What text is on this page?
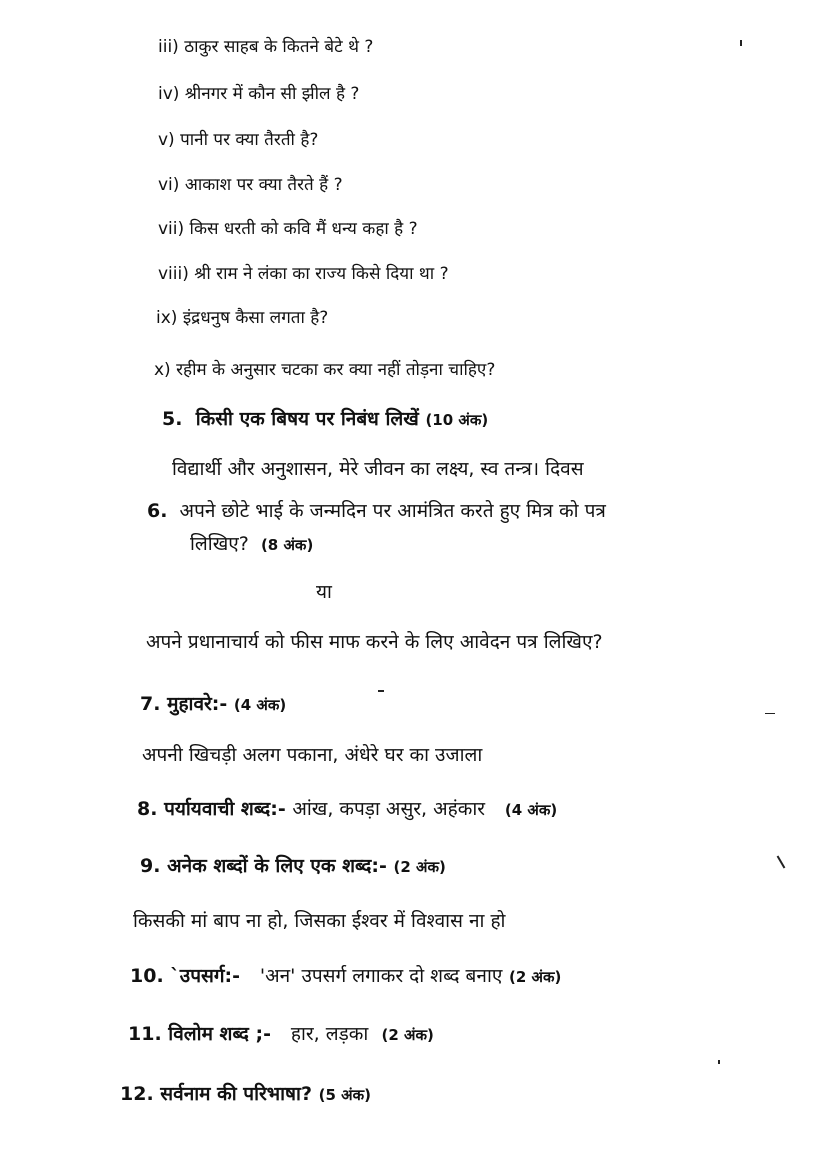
iii) ठाकुर साहब के कितने बेटे थे ?
iv) श्रीनगर में कौन सी झील है ?
v) पानी पर क्या तैरती है?
vi) आकाश पर क्या तैरते हैं ?
vii) किस धरती को कवि मैं धन्य कहा है ?
viii) श्री राम ने लंका का राज्य किसे दिया था ?
ix) इंद्रधनुष कैसा लगता है?
x) रहीम के अनुसार चटका कर क्या नहीं तोड़ना चाहिए?
5. किसी एक बिषय पर निबंध लिखें (10 अंक)
विद्यार्थी और अनुशासन, मेरे जीवन का लक्ष्य, स्व तन्त्र। दिवस
6. अपने छोटे भाई के जन्मदिन पर आमंत्रित करते हुए मित्र को पत्र
लिखिए? (8 अंक)
या
अपने प्रधानाचार्य को फीस माफ करने के लिए आवेदन पत्र लिखिए?
7. मुहावरे:- (4 अंक)
अपनी खिचड़ी अलग पकाना, अंधेरे घर का उजाला
8. पर्यायवाची शब्द:- आंख, कपड़ा असुर, अहंकार (4 अंक)
9. अनेक शब्दों के लिए एक शब्द:- (2 अंक)
किसकी मां बाप ना हो, जिसका ईश्वर में विश्वास ना हो
10. `उपसर्ग:- 'अन' उपसर्ग लगाकर दो शब्द बनाए (2 अंक)
11. विलोम शब्द ;- हार, लड़का (2 अंक)
12. सर्वनाम की परिभाषा? (5 अंक)
